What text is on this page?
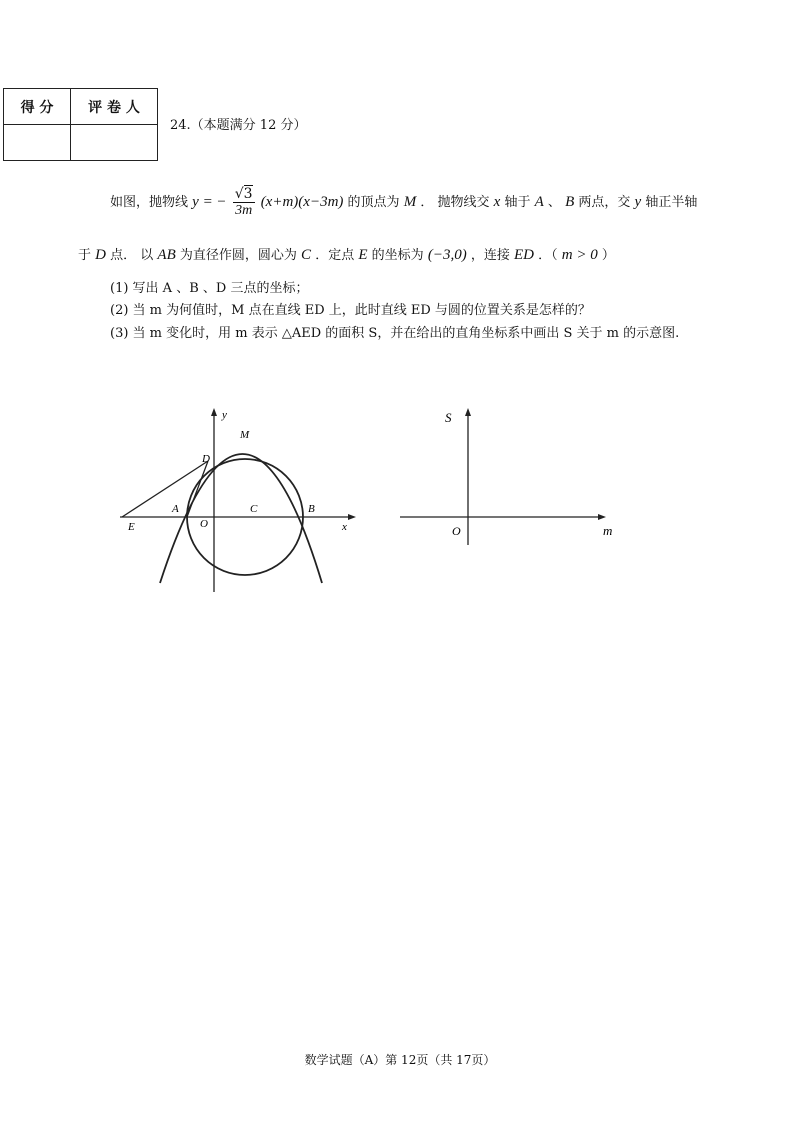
得 分	评 卷 人

24.（本题满分 12 分）
如图，抛物线 y = − $\frac{√3}{3m} (x+m)(x-3m)$ 的顶点为 M ． 抛物线交 x 轴于 A 、 B 两点，交 y 轴正半轴
于 D 点． 以 AB 为直径作圆，圆心为 C ．定点 E 的坐标为 (−3,0) ，连接 ED ．（ m > 0 ）
(1) 写出 A 、B 、D 三点的坐标；
(2) 当 m 为何值时，M 点在直线 ED 上，此时直线 ED 与圆的位置关系是怎样的？
(3) 当 m 变化时，用 m 表示 △AED 的面积 S，并在给出的直角坐标系中画出 S 关于 m 的示意图.
y
M
D
A
O
C	B
x
E
S
O	m
数学试题（A）第 12页（共 17页）
